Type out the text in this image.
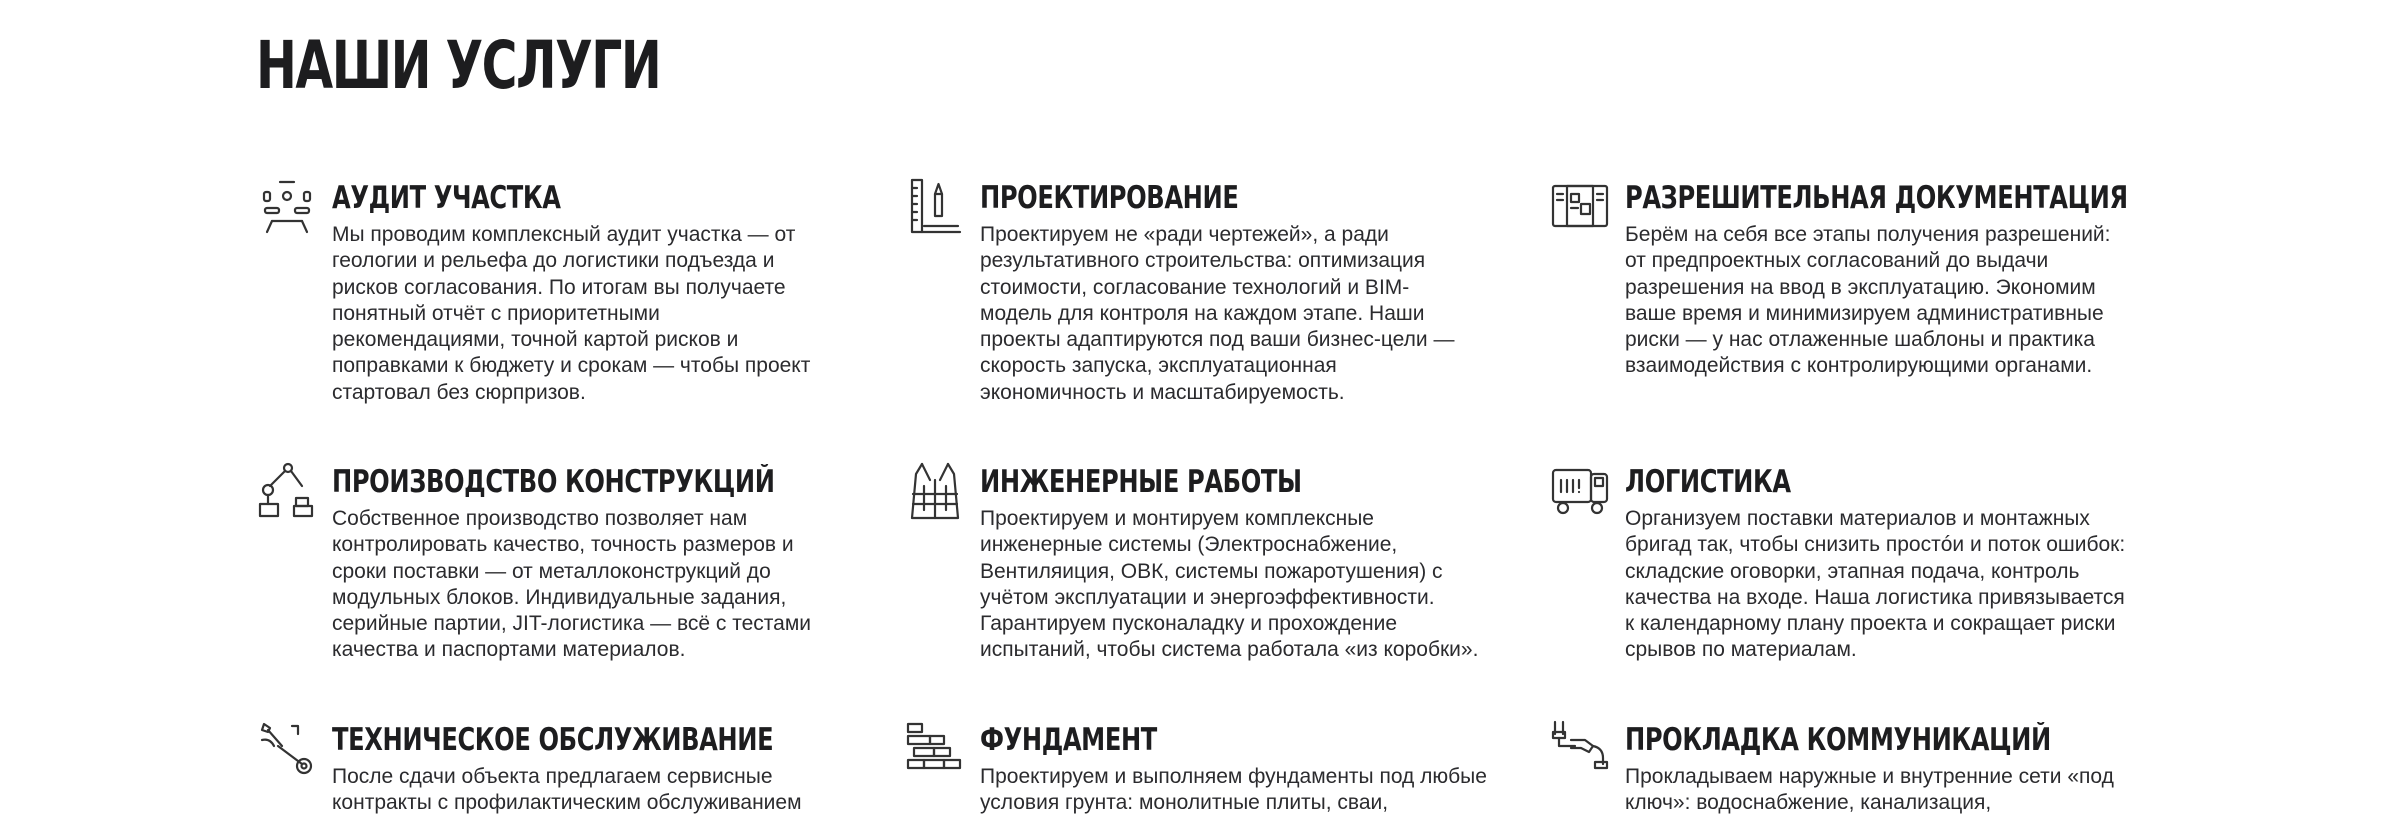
НАШИ УСЛУГИ
АУДИТ УЧАСТКА

Мы проводим комплексный аудит участка — от
геологии и рельефа до логистики подъезда и
рисков согласования. По итогам вы получаете
понятный отчёт с приоритетными
рекомендациями, точной картой рисков и
поправками к бюджету и срокам — чтобы проект
стартовал без сюрпризов.

ПРОЕКТИРОВАНИЕ

Проектируем не «ради чертежей», а ради
результативного строительства: оптимизация
стоимости, согласование технологий и BIM-
модель для контроля на каждом этапе. Наши
проекты адаптируются под ваши бизнес-цели —
скорость запуска, эксплуатационная
экономичность и масштабируемость.

РАЗРЕШИТЕЛЬНАЯ ДОКУМЕНТАЦИЯ

Берём на себя все этапы получения разрешений:
от предпроектных согласований до выдачи
разрешения на ввод в эксплуатацию. Экономим
ваше время и минимизируем административные
риски — у нас отлаженные шаблоны и практика
взаимодействия с контролирующими органами.

ПРОИЗВОДСТВО КОНСТРУКЦИЙ

Собственное производство позволяет нам
контролировать качество, точность размеров и
сроки поставки — от металлоконструкций до
модульных блоков. Индивидуальные задания,
серийные партии, JIT-логистика — всё с тестами
качества и паспортами материалов.

ИНЖЕНЕРНЫЕ РАБОТЫ

Проектируем и монтируем комплексные
инженерные системы (Электроснабжение,
Вентиляиция, ОВК, системы пожаротушения) с
учётом эксплуатации и энергоэффективности.
Гарантируем пусконаладку и прохождение
испытаний, чтобы система работала «из коробки».

ЛОГИСТИКА

Организуем поставки материалов и монтажных
бригад так, чтобы снизить простóи и поток ошибок:
складские оговорки, этапная подача, контроль
качества на входе. Наша логистика привязывается
к календарному плану проекта и сокращает риски
срывов по материалам.

ТЕХНИЧЕСКОЕ ОБСЛУЖИВАНИЕ

После сдачи объекта предлагаем сервисные
контракты с профилактическим обслуживанием

ФУНДАМЕНТ

Проектируем и выполняем фундаменты под любые
условия грунта: монолитные плиты, сваи,

ПРОКЛАДКА КОММУНИКАЦИЙ

Прокладываем наружные и внутренние сети «под
ключ»: водоснабжение, канализация,
